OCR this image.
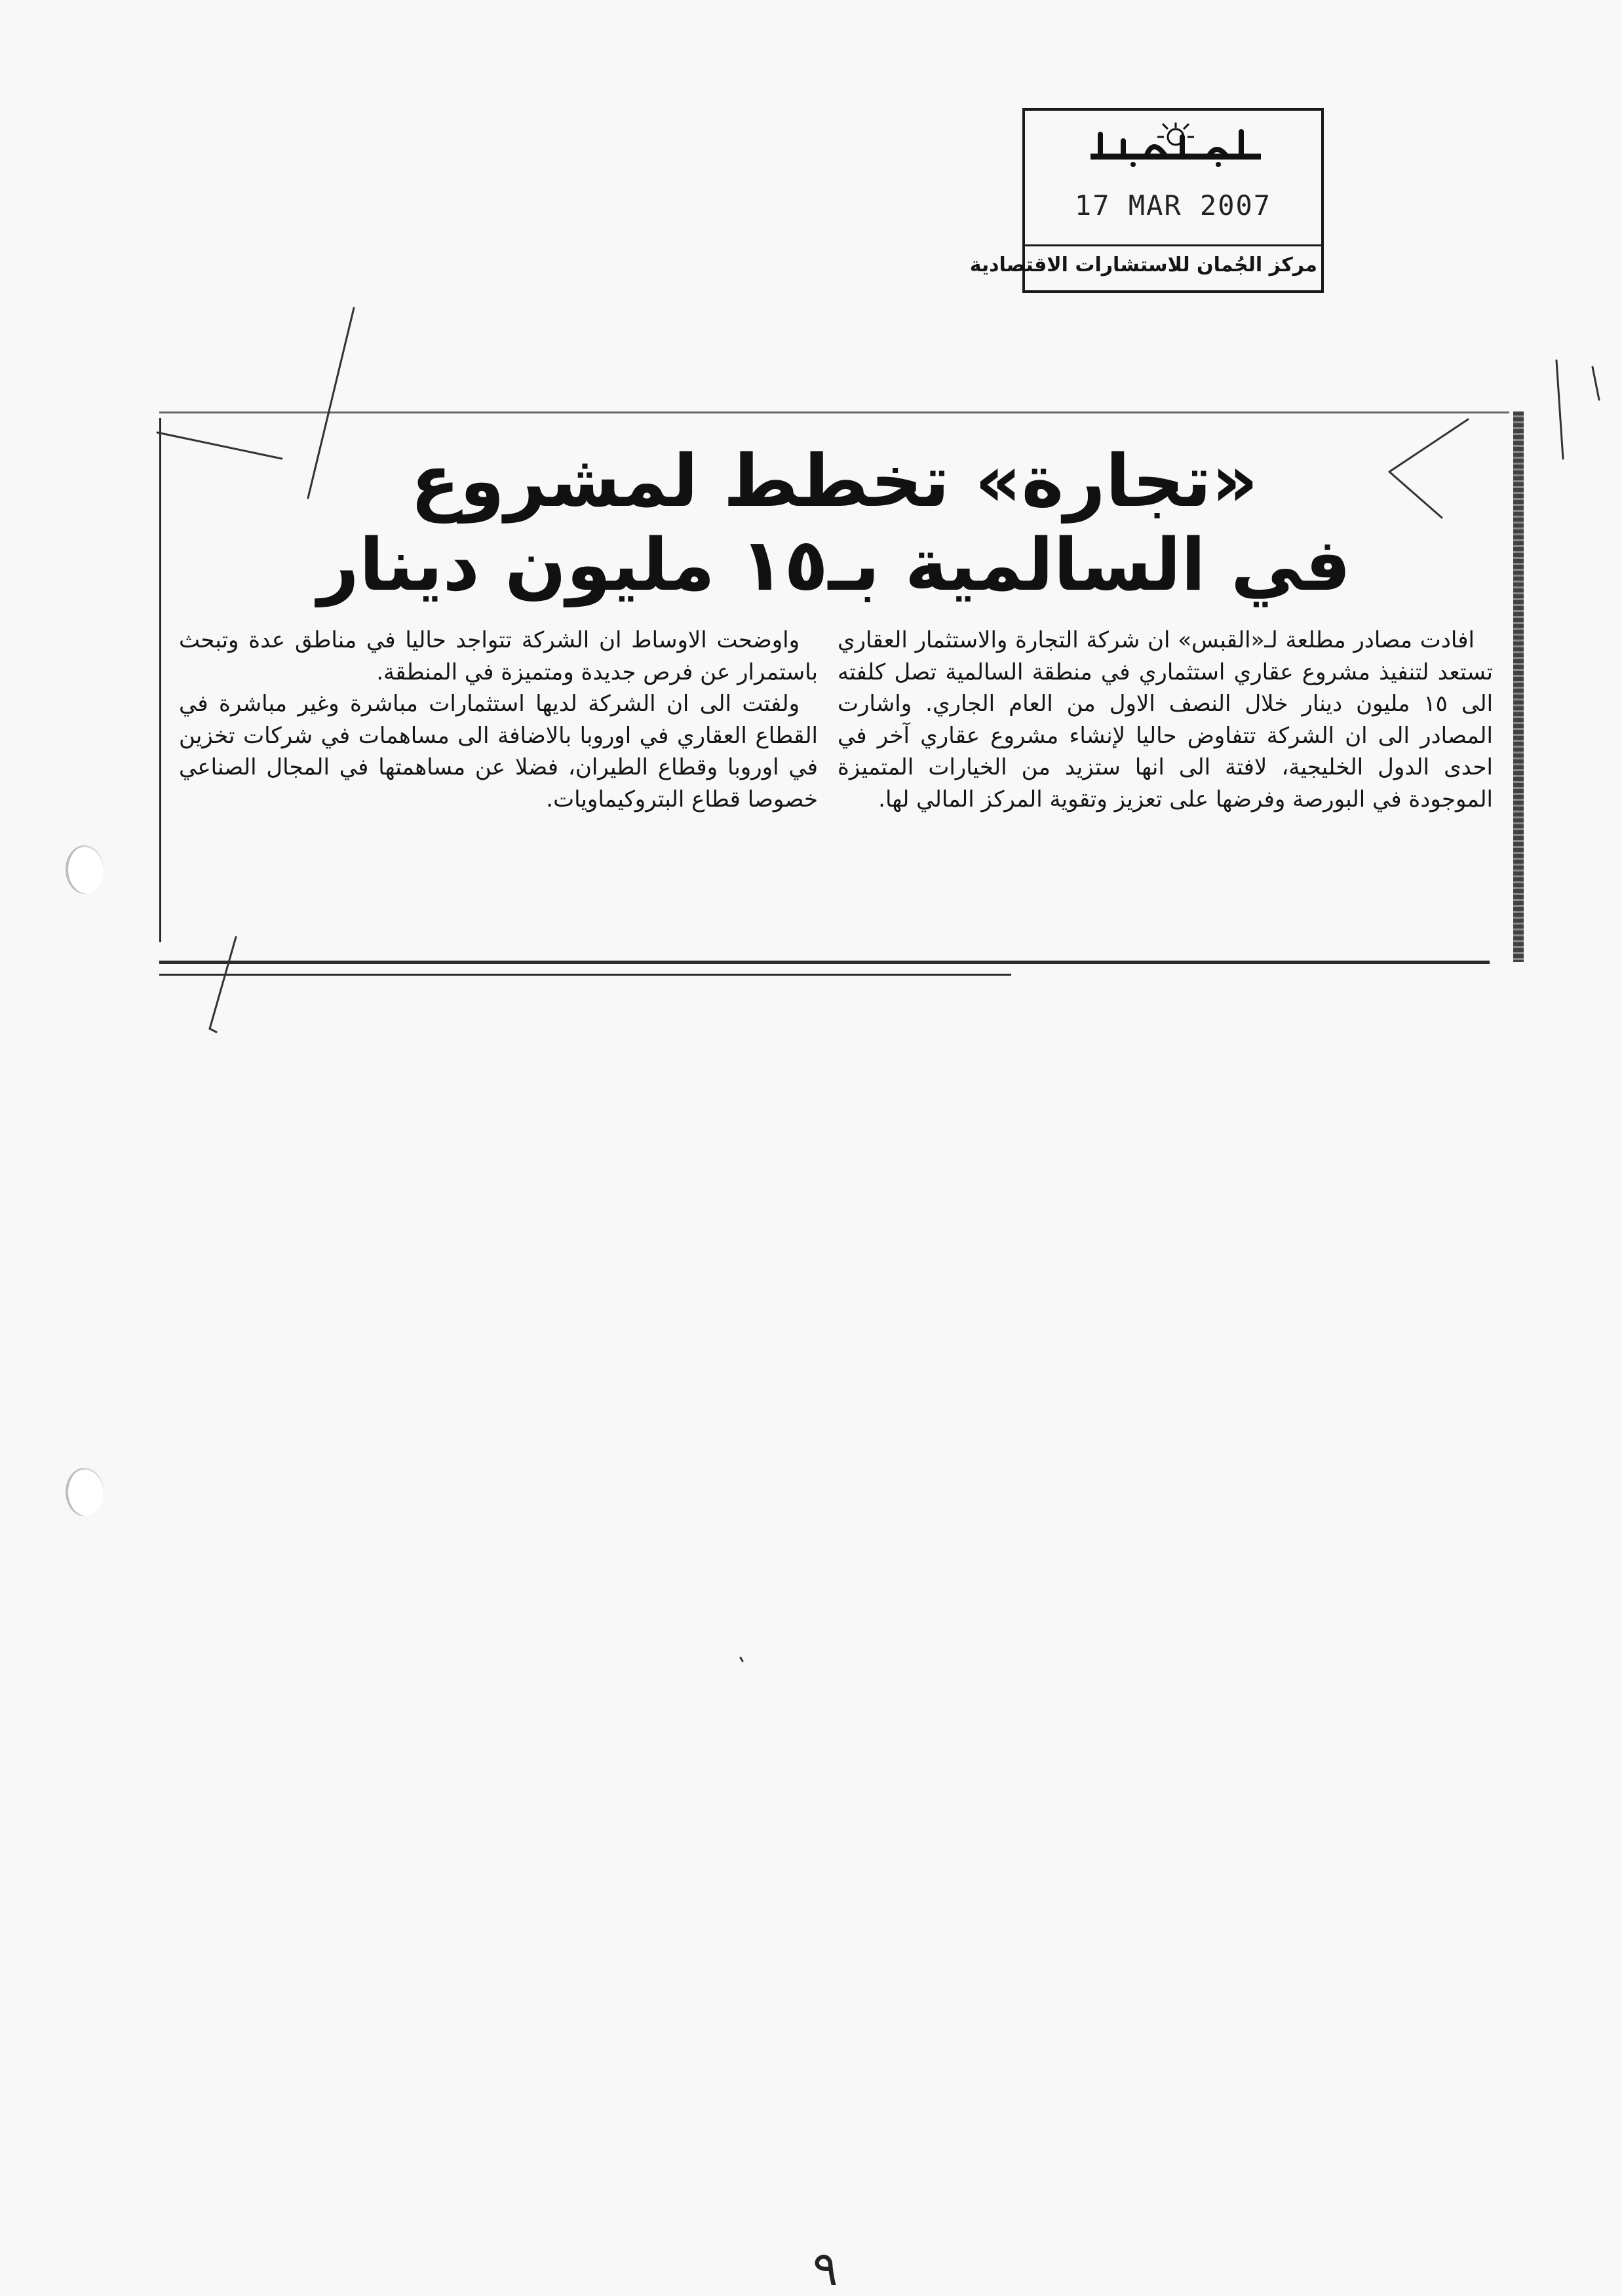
17 MAR 2007
مركز الجُمان للاستشارات الاقتصادية
«تجارة» تخطط لمشروع
في السالمية بـ١٥ مليون دينار

افادت مصادر مطلعة لـ«القبس» ان شركة التجارة والاستثمار العقاري تستعد لتنفيذ مشروع عقاري استثماري في منطقة السالمية تصل كلفته الى ١٥ مليون دينار خلال النصف الاول من العام الجاري. واشارت المصادر الى ان الشركة تتفاوض حاليا لإنشاء مشروع عقاري آخر في احدى الدول الخليجية، لافتة الى انها ستزيد من الخيارات المتميزة الموجودة في البورصة وفرضها على تعزيز وتقوية المركز المالي لها.

واوضحت الاوساط ان الشركة تتواجد حاليا في مناطق عدة وتبحث باستمرار عن فرص جديدة ومتميزة في المنطقة.

ولفتت الى ان الشركة لديها استثمارات مباشرة وغير مباشرة في القطاع العقاري في اوروبا بالاضافة الى مساهمات في شركات تخزين في اوروبا وقطاع الطيران، فضلا عن مساهمتها في المجال الصناعي خصوصا قطاع البتروكيماويات.

٩
